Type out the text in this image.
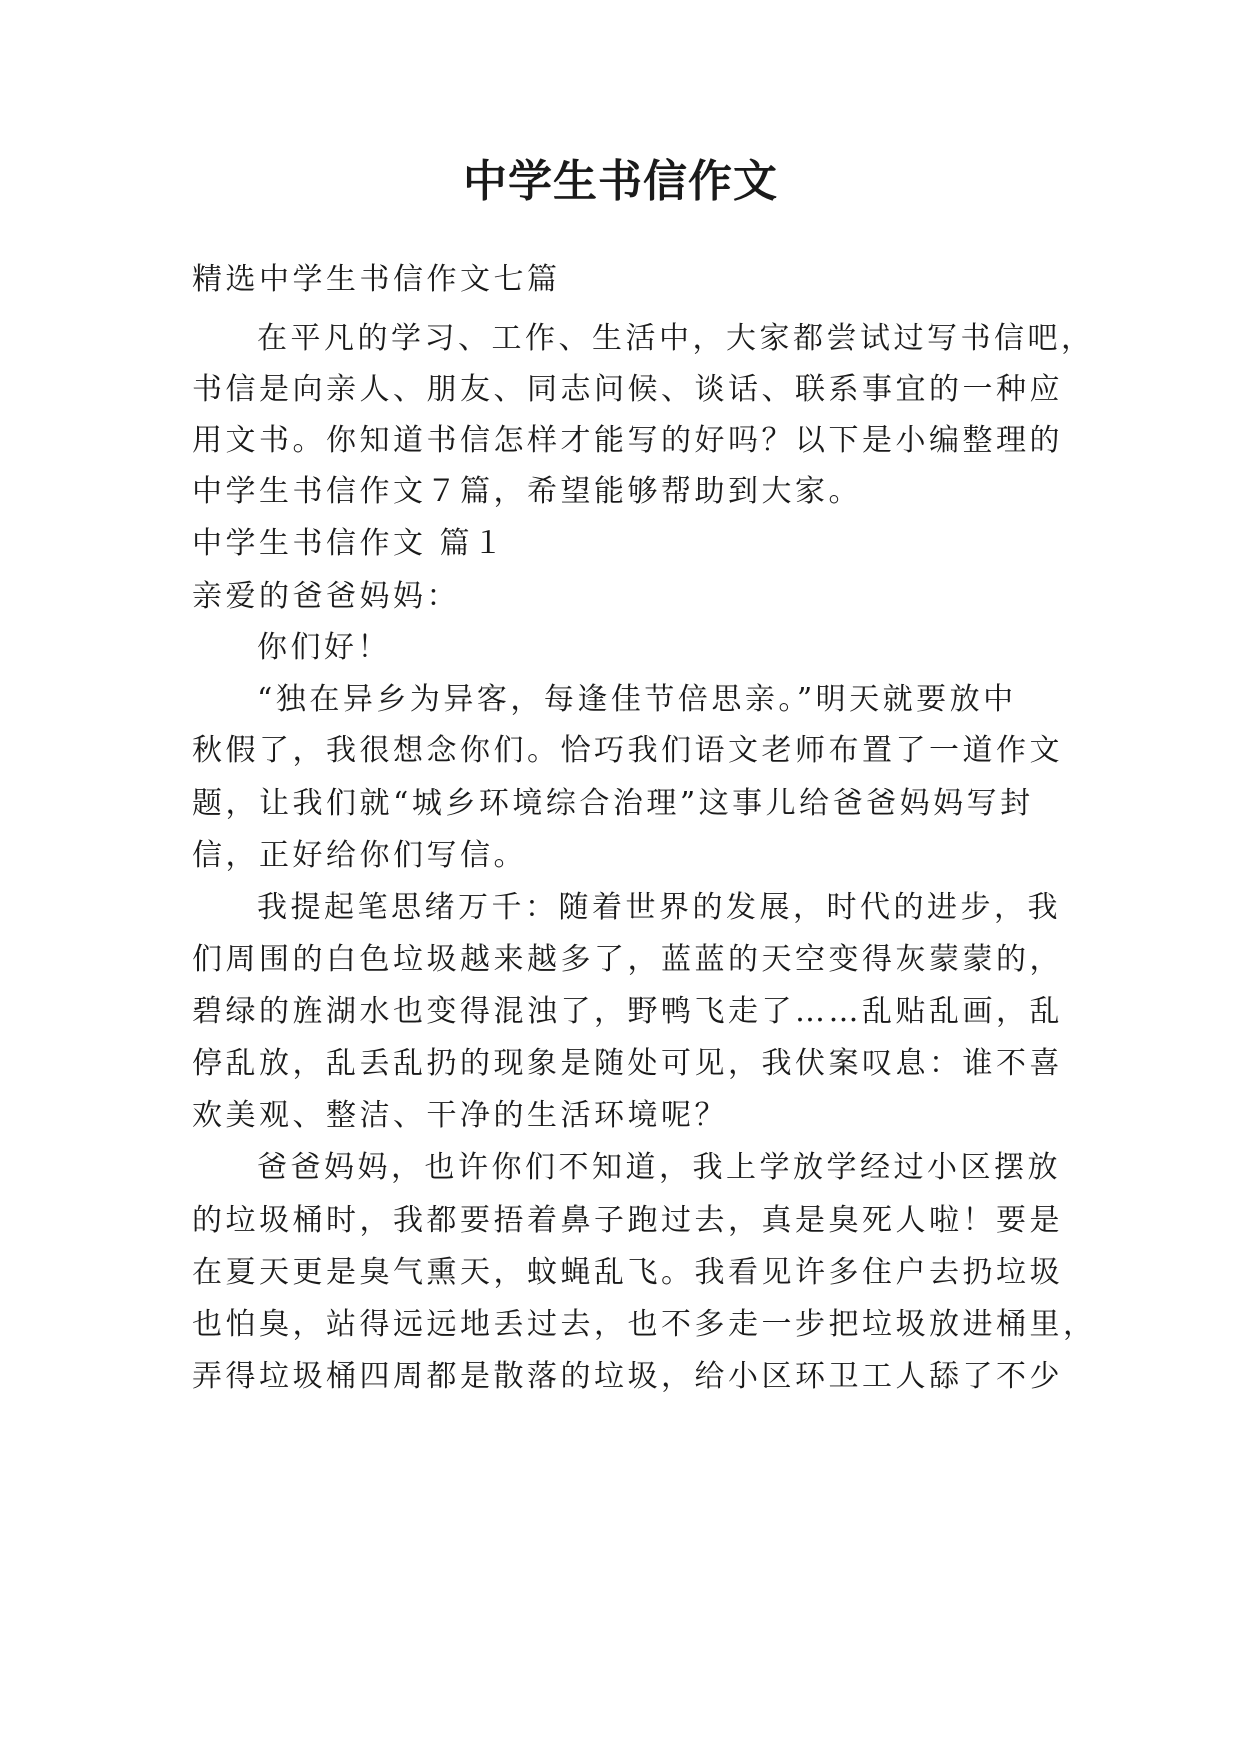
中学生书信作文
精选中学生书信作文七篇
在平凡的学习、工作、生活中，大家都尝试过写书信吧，
书信是向亲人、朋友、同志问候、谈话、联系事宜的一种应
用文书。你知道书信怎样才能写的好吗？以下是小编整理的
中学生书信作文７篇，希望能够帮助到大家。
中学生书信作文 篇１
亲爱的爸爸妈妈：
你们好！
“独在异乡为异客，每逢佳节倍思亲。”明天就要放中
秋假了，我很想念你们。恰巧我们语文老师布置了一道作文
题，让我们就“城乡环境综合治理”这事儿给爸爸妈妈写封
信，正好给你们写信。
我提起笔思绪万千：随着世界的发展，时代的进步，我
们周围的白色垃圾越来越多了，蓝蓝的天空变得灰蒙蒙的，
碧绿的旌湖水也变得混浊了，野鸭飞走了……乱贴乱画，乱
停乱放，乱丢乱扔的现象是随处可见，我伏案叹息：谁不喜
欢美观、整洁、干净的生活环境呢？
爸爸妈妈，也许你们不知道，我上学放学经过小区摆放
的垃圾桶时，我都要捂着鼻子跑过去，真是臭死人啦！要是
在夏天更是臭气熏天，蚊蝇乱飞。我看见许多住户去扔垃圾
也怕臭，站得远远地丢过去，也不多走一步把垃圾放进桶里，
弄得垃圾桶四周都是散落的垃圾，给小区环卫工人舔了不少
